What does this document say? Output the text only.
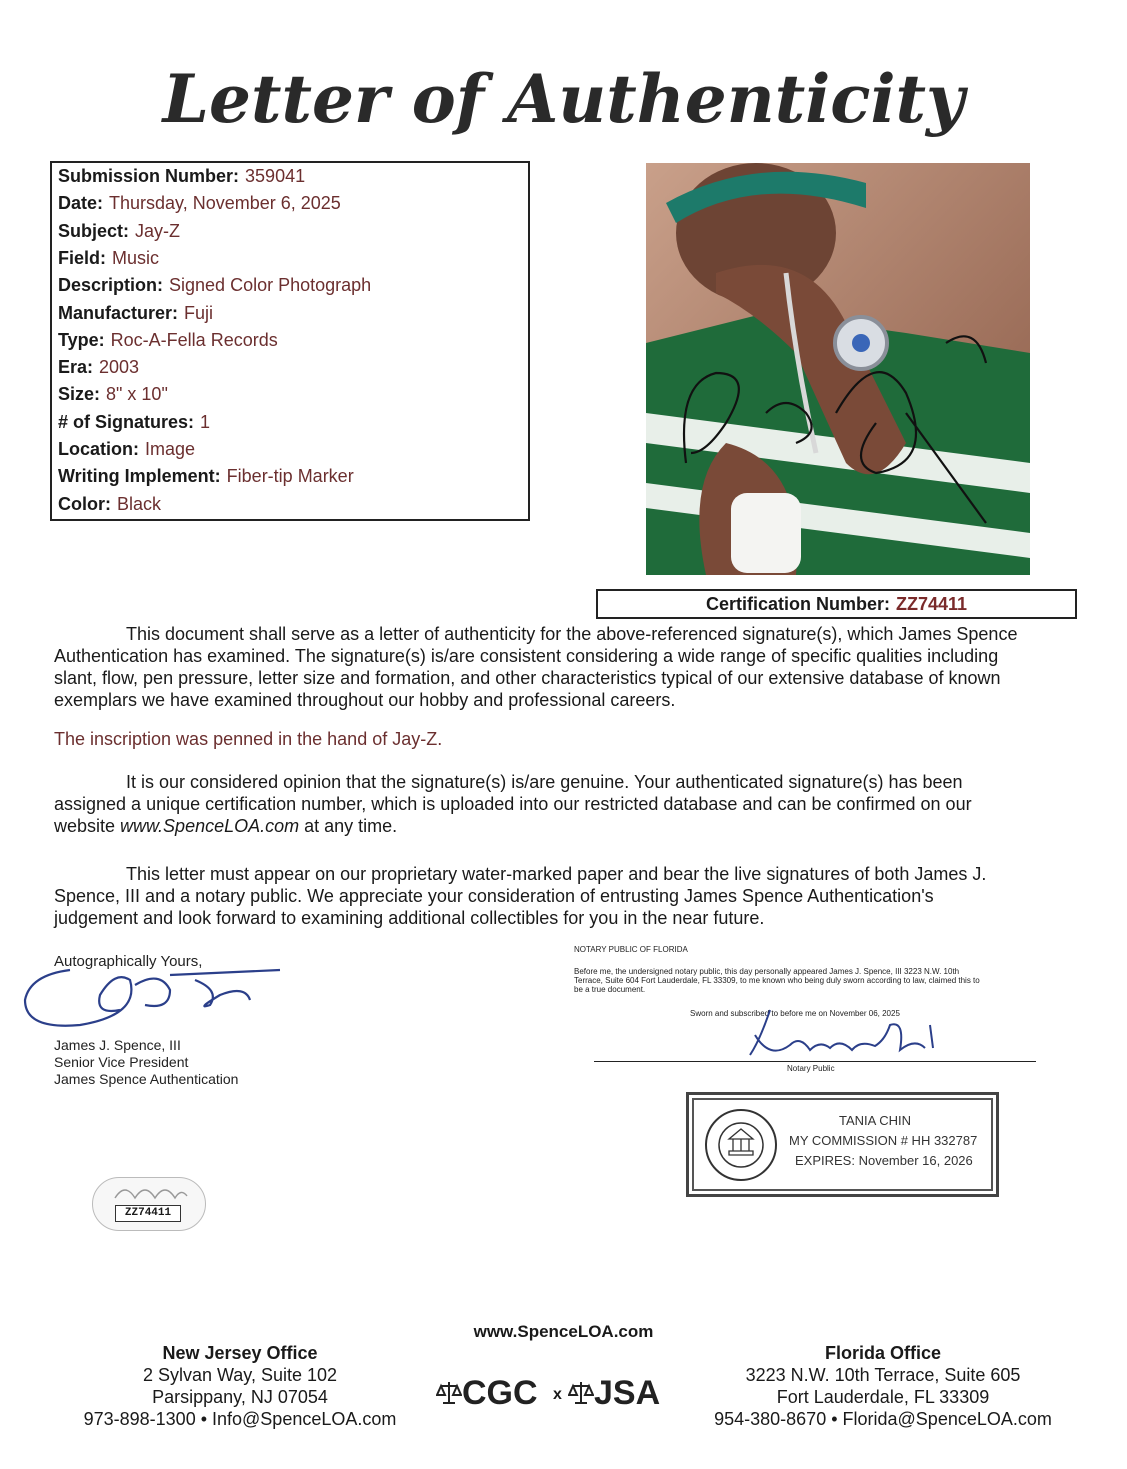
Letter of Authenticity
Submission Number: 359041
Date: Thursday, November 6, 2025
Subject: Jay-Z
Field: Music
Description: Signed Color Photograph
Manufacturer: Fuji
Type: Roc-A-Fella Records
Era: 2003
Size: 8" x 10"
# of Signatures: 1
Location: Image
Writing Implement: Fiber-tip Marker
Color: Black
Certification Number: ZZ74411
This document shall serve as a letter of authenticity for the above-referenced signature(s), which James Spence
Authentication has examined. The signature(s) is/are consistent considering a wide range of specific qualities including
slant, flow, pen pressure, letter size and formation, and other characteristics typical of our extensive database of known
exemplars we have examined throughout our hobby and professional careers.
The inscription was penned in the hand of Jay-Z.
It is our considered opinion that the signature(s) is/are genuine. Your authenticated signature(s) has been
assigned a unique certification number, which is uploaded into our restricted database and can be confirmed on our
website www.SpenceLOA.com at any time.
This letter must appear on our proprietary water-marked paper and bear the live signatures of both James J.
Spence, III and a notary public. We appreciate your consideration of entrusting James Spence Authentication's
judgement and look forward to examining additional collectibles for you in the near future.
Autographically Yours,
James J. Spence, III
Senior Vice President
James Spence Authentication
NOTARY PUBLIC OF FLORIDA
Before me, the undersigned notary public, this day personally appeared James J. Spence, III 3223 N.W. 10th
Terrace, Suite 604 Fort Lauderdale, FL 33309, to me known who being duly sworn according to law, claimed this to
be a true document.
Sworn and subscribed to before me on November 06, 2025
Notary Public
TANIA CHIN
MY COMMISSION # HH 332787
EXPIRES: November 16, 2026
ZZ74411
www.SpenceLOA.com
New Jersey Office
2 Sylvan Way, Suite 102
Parsippany, NJ 07054
973-898-1300 • Info@SpenceLOA.com
CGC x JSA
Florida Office
3223 N.W. 10th Terrace, Suite 605
Fort Lauderdale, FL 33309
954-380-8670 • Florida@SpenceLOA.com
